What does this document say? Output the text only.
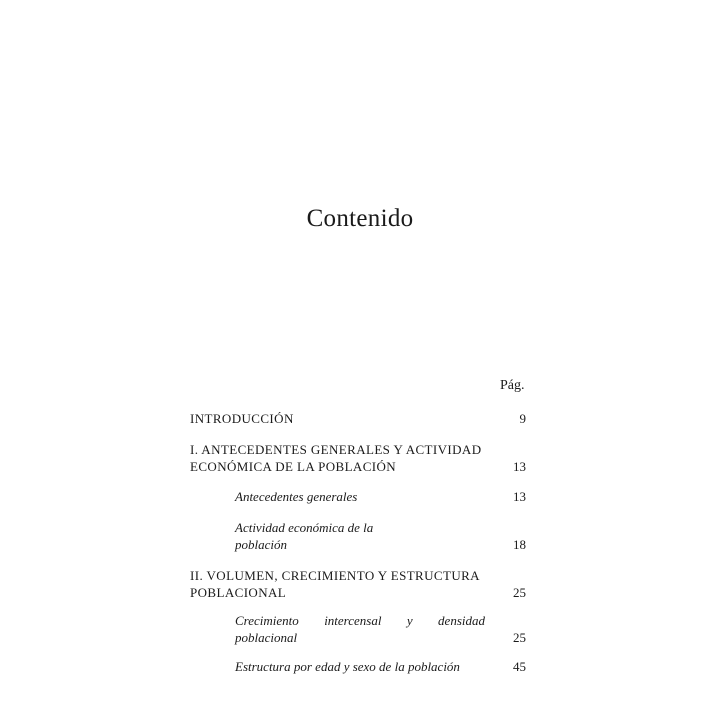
Contenido
Pág.
INTRODUCCIÓN	9
I. ANTECEDENTES GENERALES Y ACTIVIDAD
ECONÓMICA DE LA POBLACIÓN	13
Antecedentes generales	13
Actividad económica de la
población	18
II. VOLUMEN, CRECIMIENTO Y ESTRUCTURA
POBLACIONAL	25
Crecimiento intercensal y densidad
poblacional	25
Estructura por edad y sexo de la población	45
